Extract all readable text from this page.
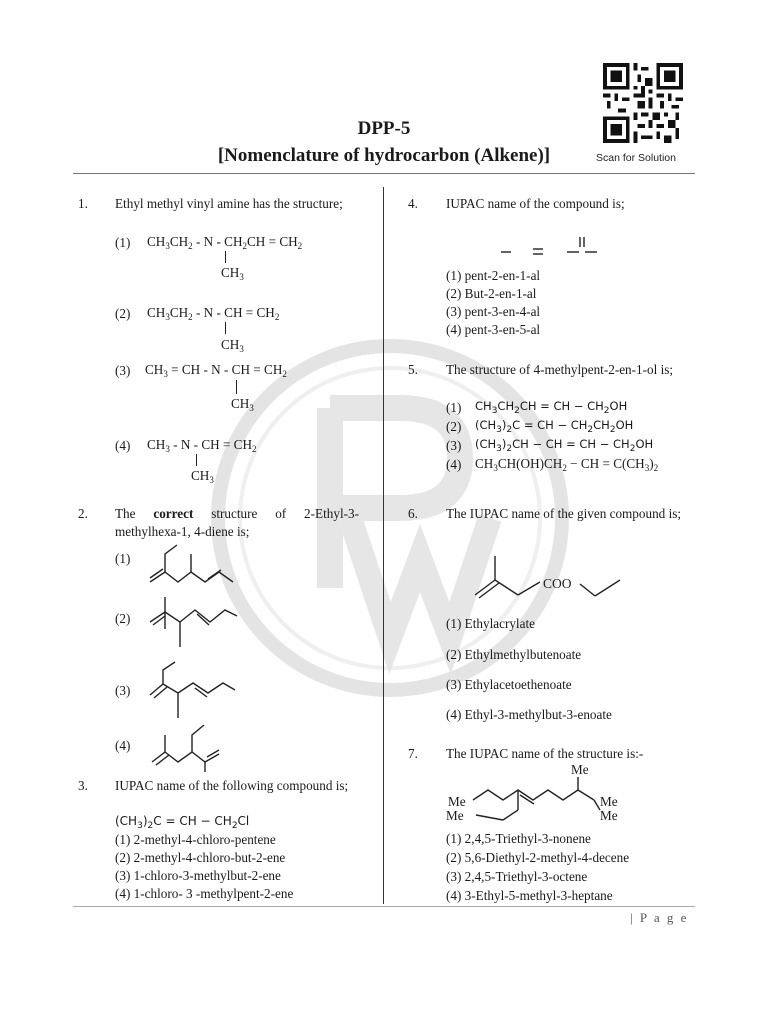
DPP-5
[Nomenclature of hydrocarbon (Alkene)]	Scan for Solution
1.	Ethyl methyl vinyl amine has the structure;
(1) $CH_3CH_2 - N - CH_2CH = CH_2$
$CH_3$
(2) $CH_3CH_2$ - N - CH = $CH_2$
$CH_3$
(3) $CH_3$ = CH - N - CH = $CH_2$
$CH_3$
(4) $CH_3$ - N - CH = $CH_2$
$CH_3$
2.	The correct structure of 2-Ethyl-3-methylhexa-1, 4-diene is;
(1)
(2)
(3)
(4)
3.	IUPAC name of the following compound is;
$(CH_3)_2C$ = CH − $CH_2Cl$
(1) 2-methyl-4-chloro-pentene
(2) 2-methyl-4-chloro-but-2-ene
(3) 1-chloro-3-methylbut-2-ene
(4) 1-chloro- 3 -methylpent-2-ene
4.	IUPAC name of the compound is;
(1) pent-2-en-1-al
(2) But-2-en-1-al
(3) pent-3-en-4-al
(4) pent-3-en-5-al
5.	The structure of 4-methylpent-2-en-1-ol is;
(1) $CH_3CH_2CH$ = CH − $CH_2OH$
(2) $(CH_3)_2C$ = CH − $CH_2CH_2OH$
(3) $(CH_3)_2CH$ − CH = CH − $CH_2OH$
(4) $CH_3CH(OH)CH_2$ − CH = $C(CH_3)_2$
6.	The IUPAC name of the given compound is;
COO
(1) Ethylacrylate
(2) Ethylmethylbutenoate
(3) Ethylacetoethenoate
(4) Ethyl-3-methylbut-3-enoate
7.	The IUPAC name of the structure is:-
Me
Me
Me
Me
Me
(1) 2,4,5-Triethyl-3-nonene
(2) 5,6-Diethyl-2-methyl-4-decene
(3) 2,4,5-Triethyl-3-octene
(4) 3-Ethyl-5-methyl-3-heptane
| P a g e
